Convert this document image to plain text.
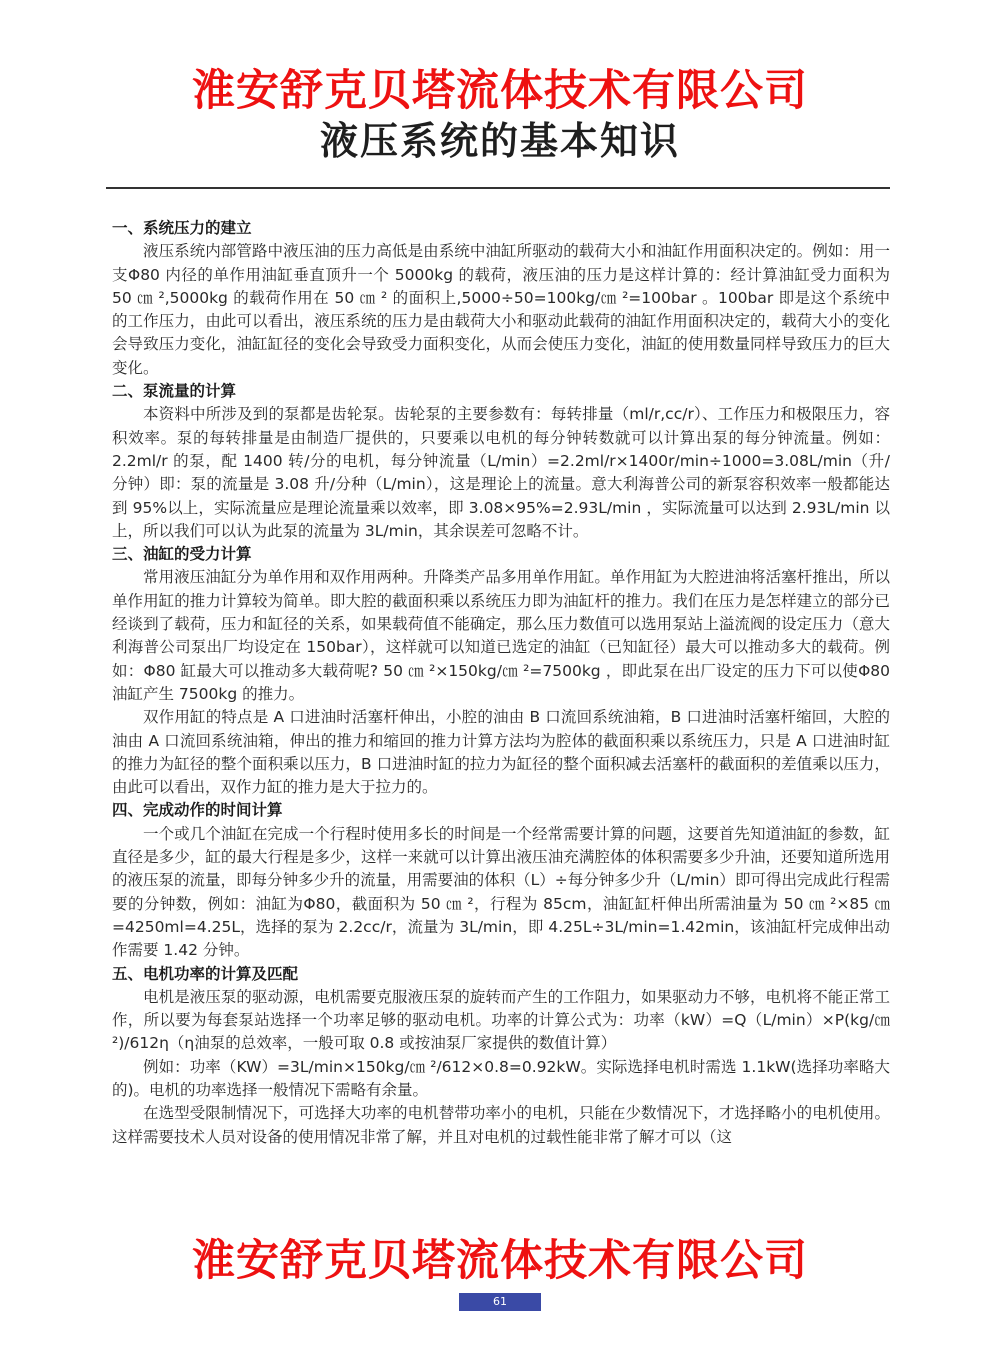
淮安舒克贝塔流体技术有限公司
液压系统的基本知识

一、系统压力的建立

液压系统内部管路中液压油的压力高低是由系统中油缸所驱动的载荷大小和油缸作用面积决定的。例如：用一支Φ80 内径的单作用油缸垂直顶升一个 5000kg 的载荷，液压油的压力是这样计算的：经计算油缸受力面积为 50 ㎝ ²,5000kg 的载荷作用在 50 ㎝ ² 的面积上,5000÷50=100kg/㎝ ²=100bar 。100bar 即是这个系统中的工作压力，由此可以看出，液压系统的压力是由载荷大小和驱动此载荷的油缸作用面积决定的，载荷大小的变化会导致压力变化，油缸缸径的变化会导致受力面积变化，从而会使压力变化，油缸的使用数量同样导致压力的巨大变化。

二、泵流量的计算

本资料中所涉及到的泵都是齿轮泵。齿轮泵的主要参数有：每转排量（ml/r,cc/r）、工作压力和极限压力，容积效率。泵的每转排量是由制造厂提供的，只要乘以电机的每分钟转数就可以计算出泵的每分钟流量。例如：2.2ml/r 的泵，配 1400 转/分的电机，每分钟流量（L/min）=2.2ml/r×1400r/min÷1000=3.08L/min（升/分钟）即：泵的流量是 3.08 升/分种（L/min），这是理论上的流量。意大利海普公司的新泵容积效率一般都能达到 95%以上，实际流量应是理论流量乘以效率，即 3.08×95%=2.93L/min ，实际流量可以达到 2.93L/min 以上，所以我们可以认为此泵的流量为 3L/min，其余误差可忽略不计。

三、油缸的受力计算

常用液压油缸分为单作用和双作用两种。升降类产品多用单作用缸。单作用缸为大腔进油将活塞杆推出，所以单作用缸的推力计算较为简单。即大腔的截面积乘以系统压力即为油缸杆的推力。我们在压力是怎样建立的部分已经谈到了载荷，压力和缸径的关系，如果载荷值不能确定，那么压力数值可以选用泵站上溢流阀的设定压力（意大利海普公司泵出厂均设定在 150bar），这样就可以知道已选定的油缸（已知缸径）最大可以推动多大的载荷。例如：Φ80 缸最大可以推动多大载荷呢? 50 ㎝ ²×150kg/㎝ ²=7500kg ，即此泵在出厂设定的压力下可以使Φ80 油缸产生 7500kg 的推力。

双作用缸的特点是 A 口进油时活塞杆伸出，小腔的油由 B 口流回系统油箱，B 口进油时活塞杆缩回，大腔的油由 A 口流回系统油箱，伸出的推力和缩回的推力计算方法均为腔体的截面积乘以系统压力，只是 A 口进油时缸的推力为缸径的整个面积乘以压力，B 口进油时缸的拉力为缸径的整个面积减去活塞杆的截面积的差值乘以压力，由此可以看出，双作力缸的推力是大于拉力的。

四、完成动作的时间计算

一个或几个油缸在完成一个行程时使用多长的时间是一个经常需要计算的问题，这要首先知道油缸的参数，缸直径是多少，缸的最大行程是多少，这样一来就可以计算出液压油充满腔体的体积需要多少升油，还要知道所选用的液压泵的流量，即每分钟多少升的流量，用需要油的体积（L）÷每分钟多少升（L/min）即可得出完成此行程需要的分钟数，例如：油缸为Φ80，截面积为 50 ㎝ ²，行程为 85cm，油缸缸杆伸出所需油量为 50 ㎝ ²×85 ㎝=4250ml=4.25L，选择的泵为 2.2cc/r，流量为 3L/min，即 4.25L÷3L/min=1.42min，该油缸杆完成伸出动作需要 1.42 分钟。

五、电机功率的计算及匹配

电机是液压泵的驱动源，电机需要克服液压泵的旋转而产生的工作阻力，如果驱动力不够，电机将不能正常工作，所以要为每套泵站选择一个功率足够的驱动电机。功率的计算公式为：功率（kW）=Q（L/min）×P(kg/㎝ ²)/612η（η油泵的总效率，一般可取 0.8 或按油泵厂家提供的数值计算）

例如：功率（KW）=3L/min×150kg/㎝ ²/612×0.8=0.92kW。实际选择电机时需选 1.1kW(选择功率略大的)。电机的功率选择一般情况下需略有余量。

在选型受限制情况下，可选择大功率的电机替带功率小的电机，只能在少数情况下，才选择略小的电机使用。这样需要技术人员对设备的使用情况非常了解，并且对电机的过载性能非常了解才可以（这

淮安舒克贝塔流体技术有限公司
61
